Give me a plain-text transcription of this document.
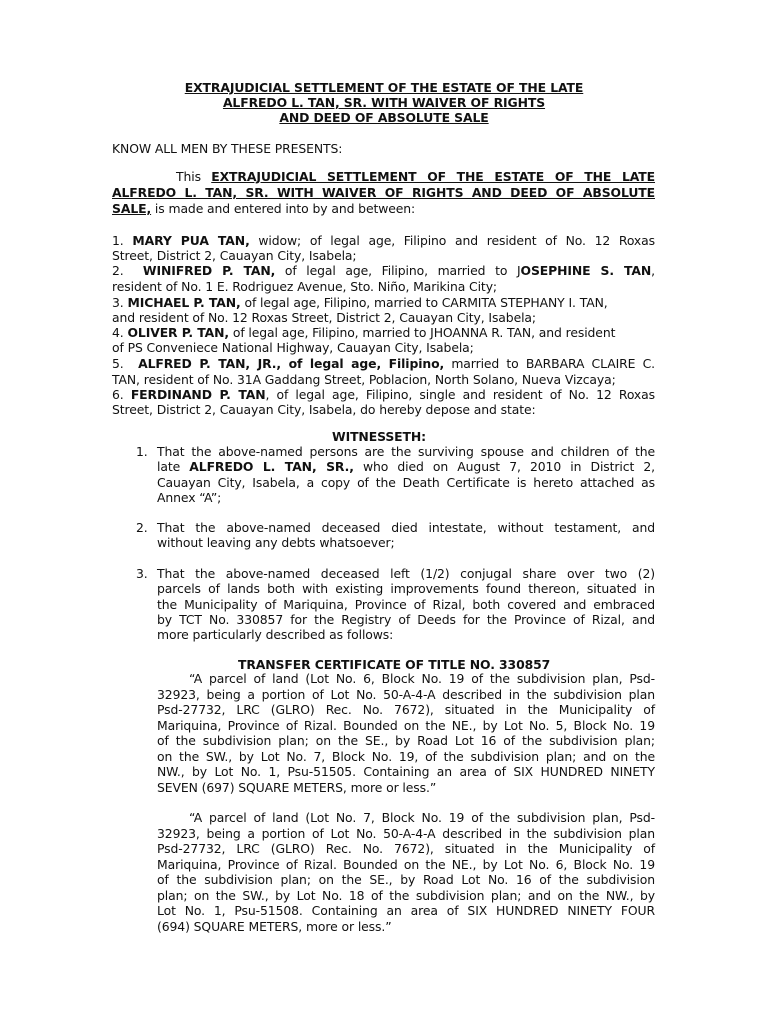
EXTRAJUDICIAL SETTLEMENT OF THE ESTATE OF THE LATE
ALFREDO L. TAN, SR. WITH WAIVER OF RIGHTS
AND DEED OF ABSOLUTE SALE
KNOW ALL MEN BY THESE PRESENTS:
This EXTRAJUDICIAL SETTLEMENT OF THE ESTATE OF THE LATE
ALFREDO L. TAN, SR. WITH WAIVER OF RIGHTS AND DEED OF ABSOLUTE
SALE, is made and entered into by and between:
1. MARY PUA TAN, widow; of legal age, Filipino and resident of No. 12 Roxas
Street, District 2, Cauayan City, Isabela;
2. WINIFRED P. TAN, of legal age, Filipino, married to JOSEPHINE S. TAN,
resident of No. 1 E. Rodriguez Avenue, Sto. Niño, Marikina City;
3. MICHAEL P. TAN, of legal age, Filipino, married to CARMITA STEPHANY I. TAN,
and resident of No. 12 Roxas Street, District 2, Cauayan City, Isabela;
4. OLIVER P. TAN, of legal age, Filipino, married to JHOANNA R. TAN, and resident
of PS Conveniece National Highway, Cauayan City, Isabela;
5. ALFRED P. TAN, JR., of legal age, Filipino, married to BARBARA CLAIRE C.
TAN, resident of No. 31A Gaddang Street, Poblacion, North Solano, Nueva Vizcaya;
6. FERDINAND P. TAN, of legal age, Filipino, single and resident of No. 12 Roxas
Street, District 2, Cauayan City, Isabela, do hereby depose and state:
WITNESSETH:
1. That the above-named persons are the surviving spouse and children of the
late ALFREDO L. TAN, SR., who died on August 7, 2010 in District 2,
Cauayan City, Isabela, a copy of the Death Certificate is hereto attached as
Annex “A”;
2. That the above-named deceased died intestate, without testament, and
without leaving any debts whatsoever;
3. That the above-named deceased left (1/2) conjugal share over two (2)
parcels of lands both with existing improvements found thereon, situated in
the Municipality of Mariquina, Province of Rizal, both covered and embraced
by TCT No. 330857 for the Registry of Deeds for the Province of Rizal, and
more particularly described as follows:
TRANSFER CERTIFICATE OF TITLE NO. 330857
“A parcel of land (Lot No. 6, Block No. 19 of the subdivision plan, Psd-
32923, being a portion of Lot No. 50-A-4-A described in the subdivision plan
Psd-27732, LRC (GLRO) Rec. No. 7672), situated in the Municipality of
Mariquina, Province of Rizal. Bounded on the NE., by Lot No. 5, Block No. 19
of the subdivision plan; on the SE., by Road Lot 16 of the subdivision plan;
on the SW., by Lot No. 7, Block No. 19, of the subdivision plan; and on the
NW., by Lot No. 1, Psu-51505. Containing an area of SIX HUNDRED NINETY
SEVEN (697) SQUARE METERS, more or less.”
“A parcel of land (Lot No. 7, Block No. 19 of the subdivision plan, Psd-
32923, being a portion of Lot No. 50-A-4-A described in the subdivision plan
Psd-27732, LRC (GLRO) Rec. No. 7672), situated in the Municipality of
Mariquina, Province of Rizal. Bounded on the NE., by Lot No. 6, Block No. 19
of the subdivision plan; on the SE., by Road Lot No. 16 of the subdivision
plan; on the SW., by Lot No. 18 of the subdivision plan; and on the NW., by
Lot No. 1, Psu-51508. Containing an area of SIX HUNDRED NINETY FOUR
(694) SQUARE METERS, more or less.”
